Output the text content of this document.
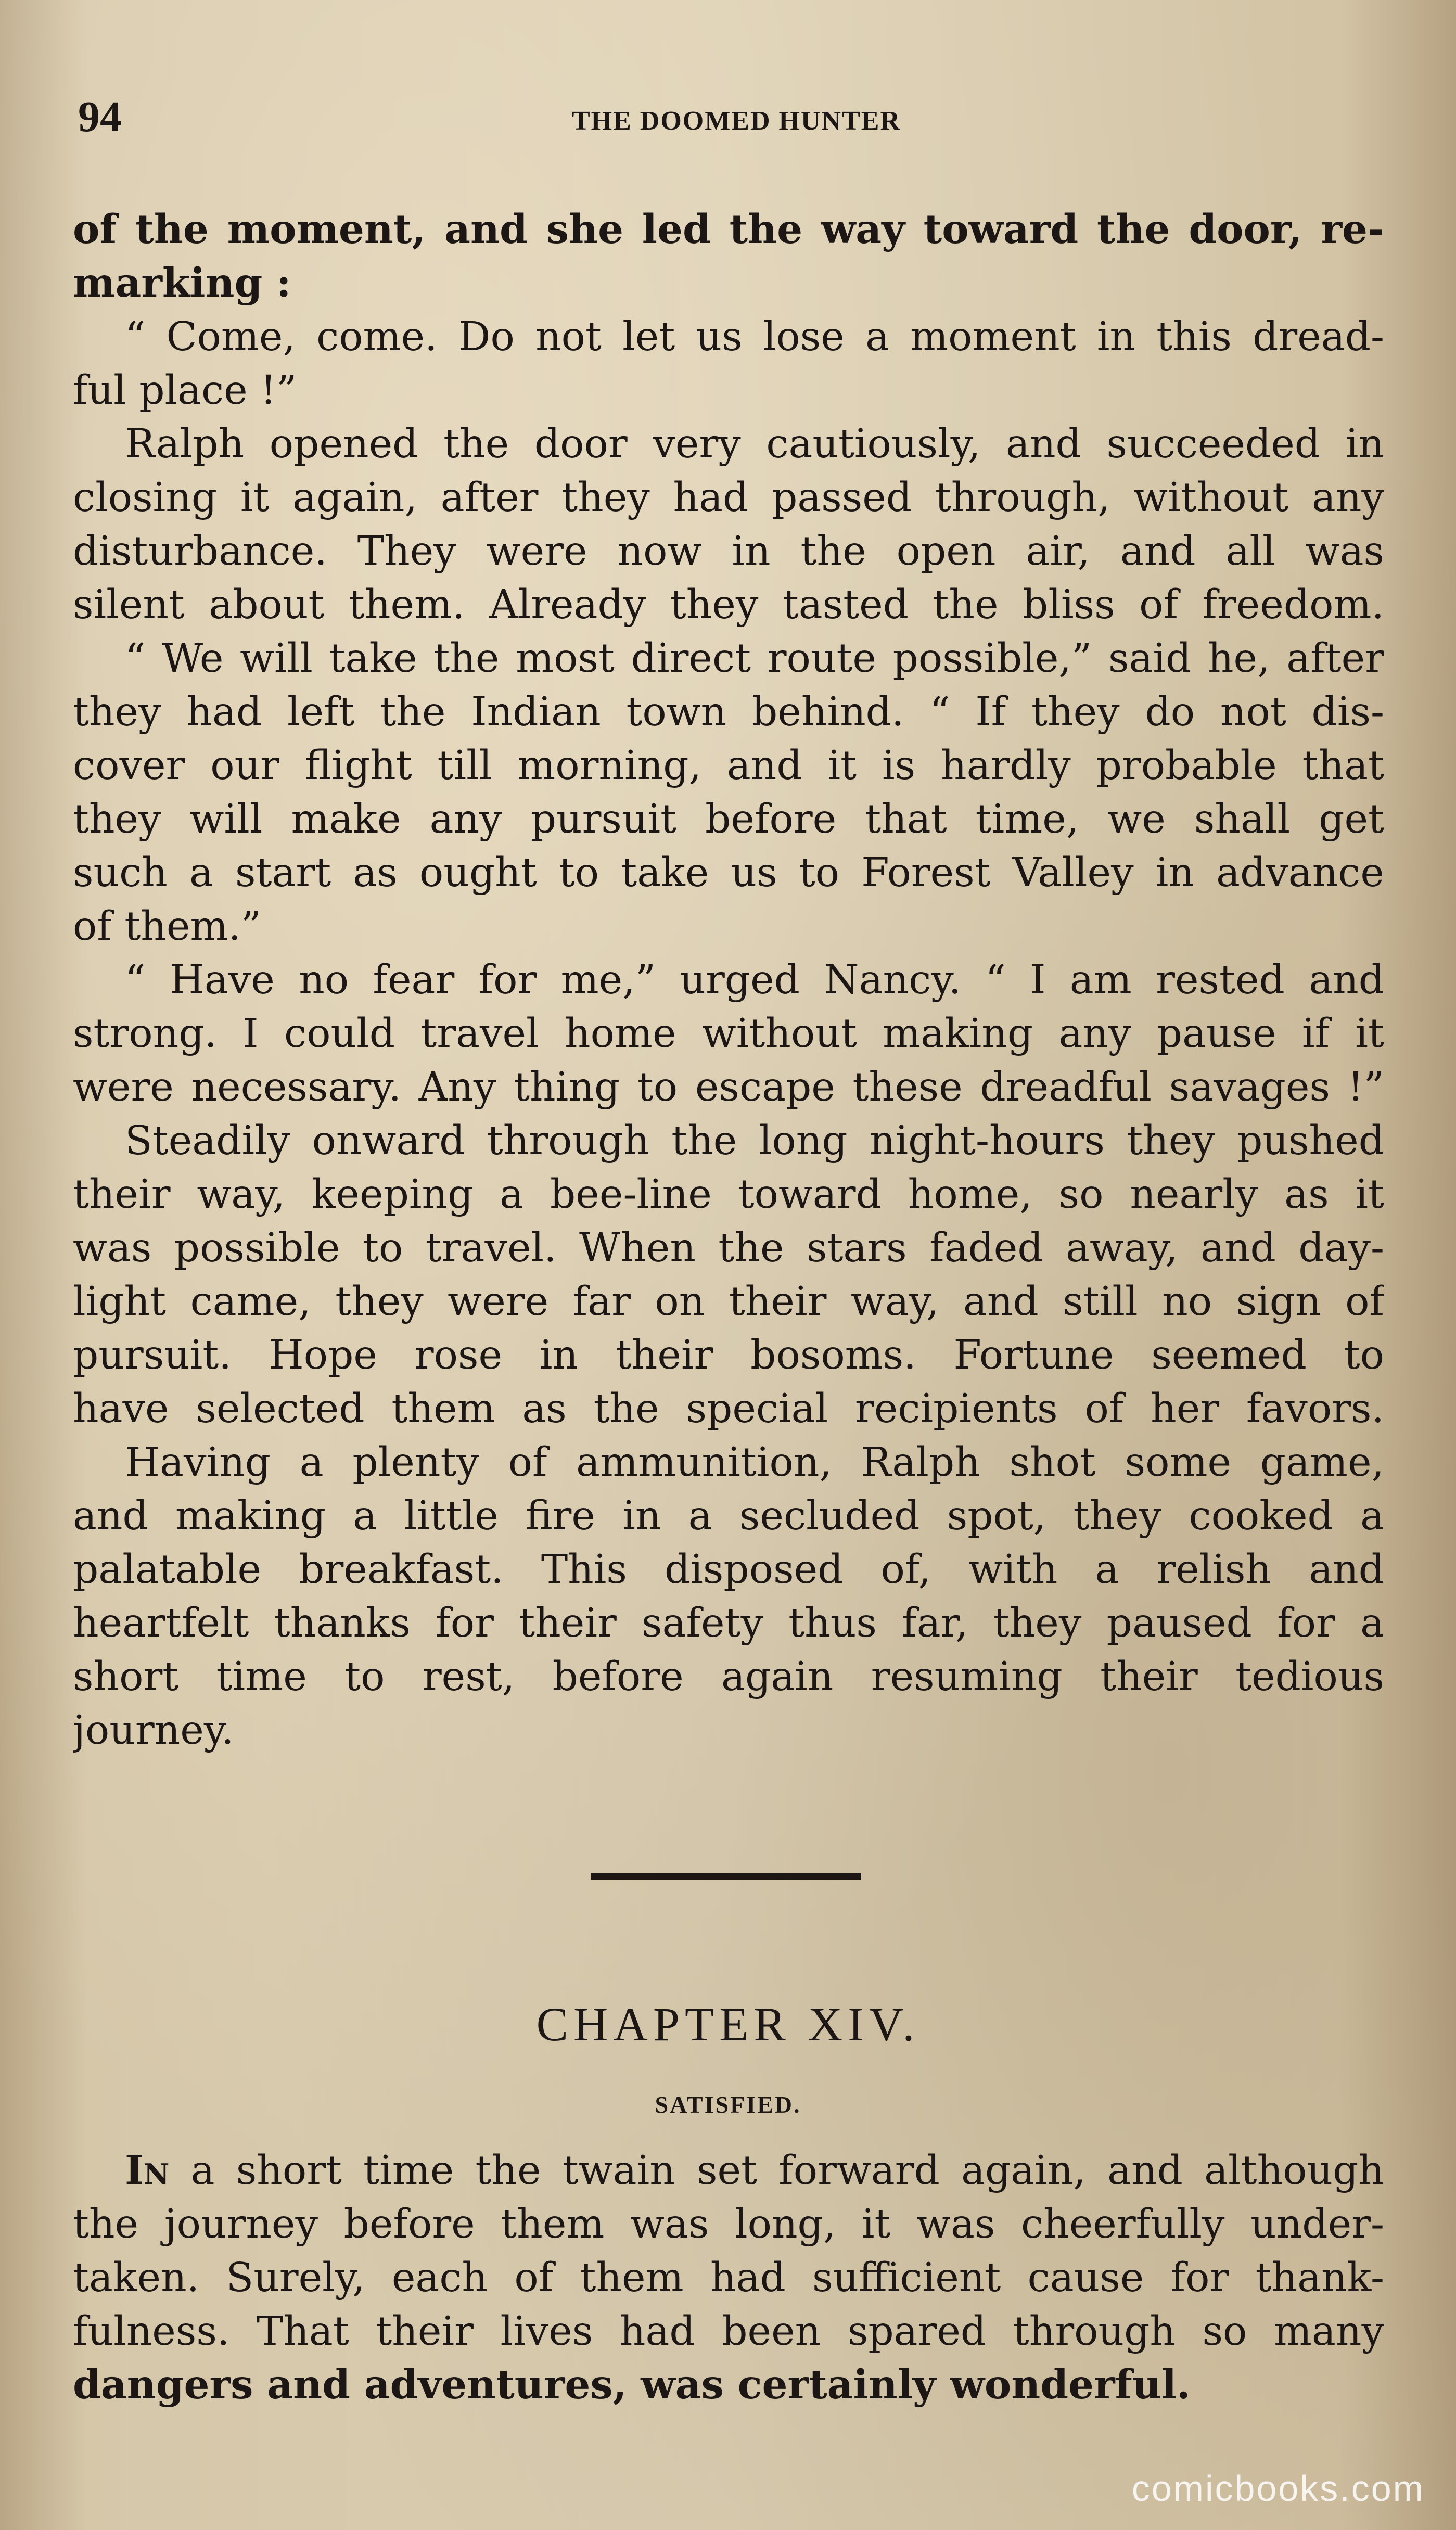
94	THE DOOMED HUNTER
of the moment, and she led the way toward the door, re-
marking :
“ Come, come. Do not let us lose a moment in this dread-
ful place !”
Ralph opened the door very cautiously, and succeeded in
closing it again, after they had passed through, without any
disturbance. They were now in the open air, and all was
silent about them. Already they tasted the bliss of freedom.
“ We will take the most direct route possible,” said he, after
they had left the Indian town behind. “ If they do not dis-
cover our flight till morning, and it is hardly probable that
they will make any pursuit before that time, we shall get
such a start as ought to take us to Forest Valley in advance
of them.”
“ Have no fear for me,” urged Nancy. “ I am rested and
strong. I could travel home without making any pause if it
were necessary. Any thing to escape these dreadful savages !”
Steadily onward through the long night-hours they pushed
their way, keeping a bee-line toward home, so nearly as it
was possible to travel. When the stars faded away, and day-
light came, they were far on their way, and still no sign of
pursuit. Hope rose in their bosoms. Fortune seemed to
have selected them as the special recipients of her favors.
Having a plenty of ammunition, Ralph shot some game,
and making a little fire in a secluded spot, they cooked a
palatable breakfast. This disposed of, with a relish and
heartfelt thanks for their safety thus far, they paused for a
short time to rest, before again resuming their tedious
journey.
CHAPTER XIV.
SATISFIED.
In a short time the twain set forward again, and although
the journey before them was long, it was cheerfully under-
taken. Surely, each of them had sufficient cause for thank-
fulness. That their lives had been spared through so many
dangers and adventures, was certainly wonderful.
comicbooks.com
